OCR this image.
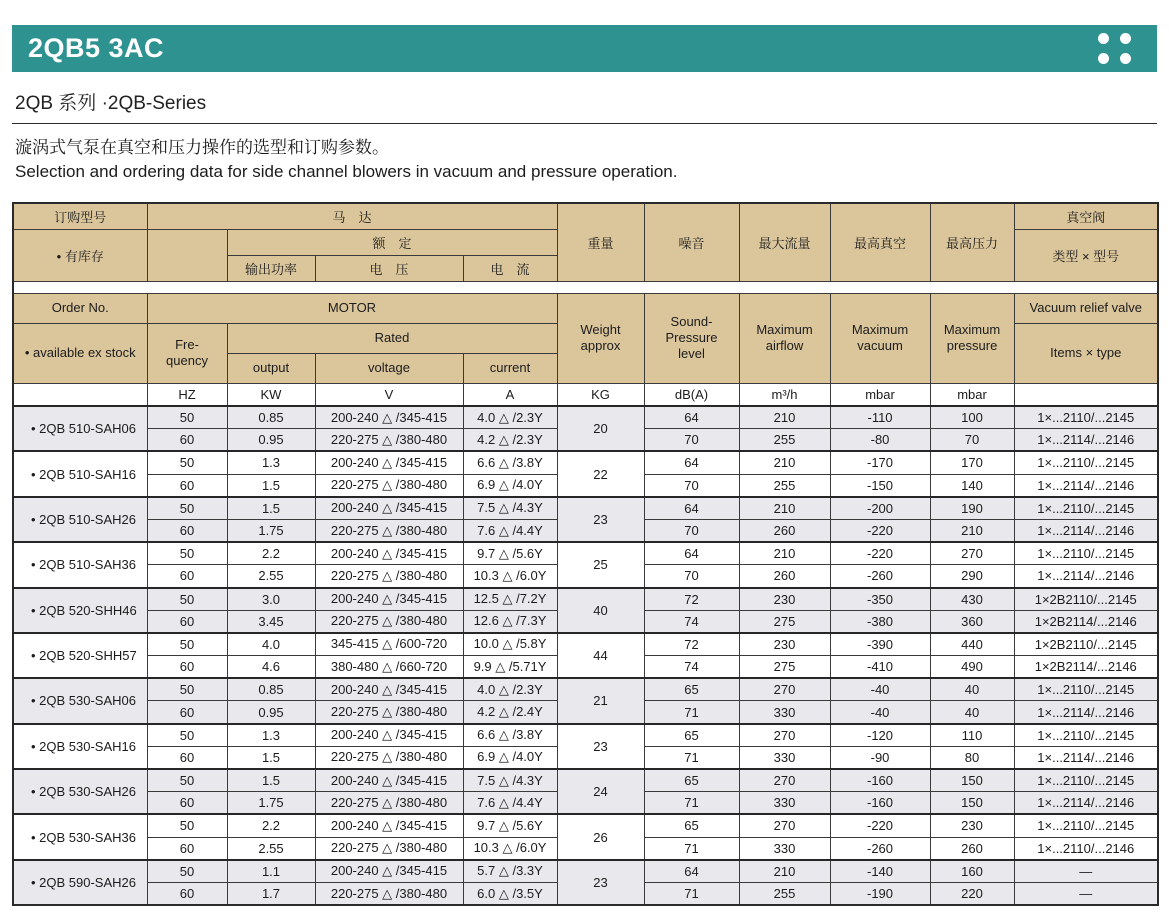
2QB5 3AC
2QB 系列 ·2QB-Series
漩涡式气泵在真空和压力操作的选型和订购参数。
Selection and ordering data for side channel blowers in vacuum and pressure operation.
订购型号	马　达				重量	噪音	最大流量	最高真空	最高压力	真空阀
• 有库存		额　定								类型 × 型号
		输出功率	电　压	电　流						

Order No.	MOTOR				Weight approx	Sound-Pressure level	Maximum airflow	Maximum vacuum	Maximum pressure	Vacuum relief valve
• available ex stock	Fre-quency	Rated								Items × type
		output	voltage	current						
	HZ	KW	V	A	KG	dB(A)	m³/h	mbar	mbar	
• 2QB 510-SAH06	50	0.85	200-240 △ /345-415	4.0 △ /2.3Y	20	64	210	-110	100	1×...2110/...2145
	60	0.95	220-275 △ /380-480	4.2 △ /2.3Y		70	255	-80	70	1×...2114/...2146
• 2QB 510-SAH16	50	1.3	200-240 △ /345-415	6.6 △ /3.8Y	22	64	210	-170	170	1×...2110/...2145
	60	1.5	220-275 △ /380-480	6.9 △ /4.0Y		70	255	-150	140	1×...2114/...2146
• 2QB 510-SAH26	50	1.5	200-240 △ /345-415	7.5 △ /4.3Y	23	64	210	-200	190	1×...2110/...2145
	60	1.75	220-275 △ /380-480	7.6 △ /4.4Y		70	260	-220	210	1×...2114/...2146
• 2QB 510-SAH36	50	2.2	200-240 △ /345-415	9.7 △ /5.6Y	25	64	210	-220	270	1×...2110/...2145
	60	2.55	220-275 △ /380-480	10.3 △ /6.0Y		70	260	-260	290	1×...2114/...2146
• 2QB 520-SHH46	50	3.0	200-240 △ /345-415	12.5 △ /7.2Y	40	72	230	-350	430	1×2B2110/...2145
	60	3.45	220-275 △ /380-480	12.6 △ /7.3Y		74	275	-380	360	1×2B2114/...2146
• 2QB 520-SHH57	50	4.0	345-415 △ /600-720	10.0 △ /5.8Y	44	72	230	-390	440	1×2B2110/...2145
	60	4.6	380-480 △ /660-720	9.9 △ /5.71Y		74	275	-410	490	1×2B2114/...2146
• 2QB 530-SAH06	50	0.85	200-240 △ /345-415	4.0 △ /2.3Y	21	65	270	-40	40	1×...2110/...2145
	60	0.95	220-275 △ /380-480	4.2 △ /2.4Y		71	330	-40	40	1×...2114/...2146
• 2QB 530-SAH16	50	1.3	200-240 △ /345-415	6.6 △ /3.8Y	23	65	270	-120	110	1×...2110/...2145
	60	1.5	220-275 △ /380-480	6.9 △ /4.0Y		71	330	-90	80	1×...2114/...2146
• 2QB 530-SAH26	50	1.5	200-240 △ /345-415	7.5 △ /4.3Y	24	65	270	-160	150	1×...2110/...2145
	60	1.75	220-275 △ /380-480	7.6 △ /4.4Y		71	330	-160	150	1×...2114/...2146
• 2QB 530-SAH36	50	2.2	200-240 △ /345-415	9.7 △ /5.6Y	26	65	270	-220	230	1×...2110/...2145
	60	2.55	220-275 △ /380-480	10.3 △ /6.0Y		71	330	-260	260	1×...2110/...2146
• 2QB 590-SAH26	50	1.1	200-240 △ /345-415	5.7 △ /3.3Y	23	64	210	-140	160	—
	60	1.7	220-275 △ /380-480	6.0 △ /3.5Y		71	255	-190	220	—
